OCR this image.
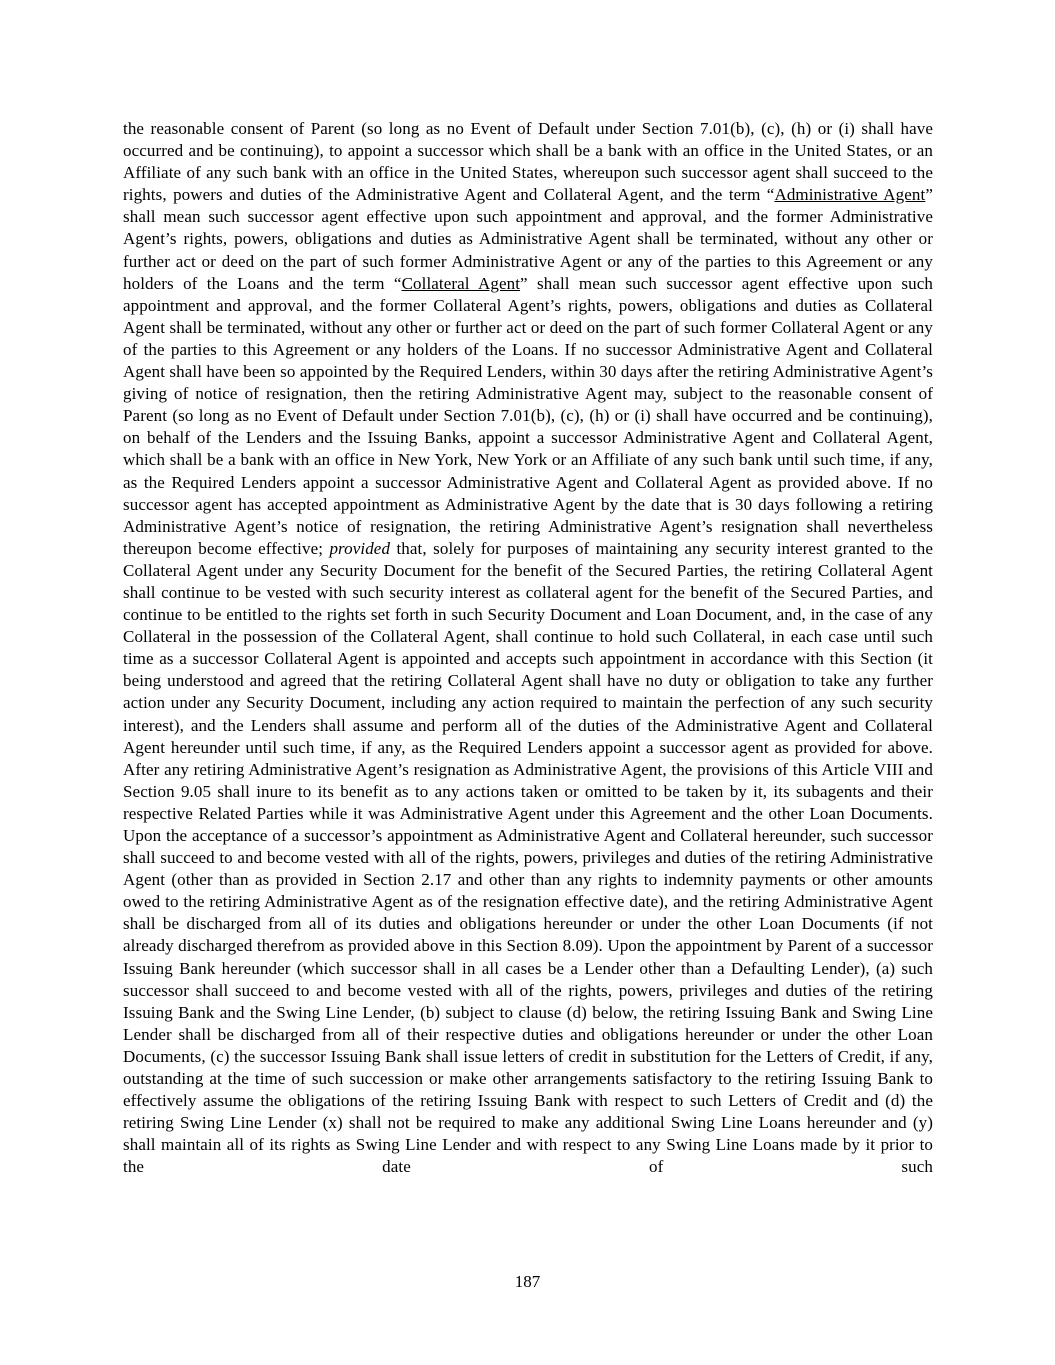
the reasonable consent of Parent (so long as no Event of Default under Section 7.01(b), (c), (h) or (i) shall have occurred and be continuing), to appoint a successor which shall be a bank with an office in the United States, or an Affiliate of any such bank with an office in the United States, whereupon such successor agent shall succeed to the rights, powers and duties of the Administrative Agent and Collateral Agent, and the term “Administrative Agent” shall mean such successor agent effective upon such appointment and approval, and the former Administrative Agent’s rights, powers, obligations and duties as Administrative Agent shall be terminated, without any other or further act or deed on the part of such former Administrative Agent or any of the parties to this Agreement or any holders of the Loans and the term “Collateral Agent” shall mean such successor agent effective upon such appointment and approval, and the former Collateral Agent’s rights, powers, obligations and duties as Collateral Agent shall be terminated, without any other or further act or deed on the part of such former Collateral Agent or any of the parties to this Agreement or any holders of the Loans. If no successor Administrative Agent and Collateral Agent shall have been so appointed by the Required Lenders, within 30 days after the retiring Administrative Agent’s giving of notice of resignation, then the retiring Administrative Agent may, subject to the reasonable consent of Parent (so long as no Event of Default under Section 7.01(b), (c), (h) or (i) shall have occurred and be continuing), on behalf of the Lenders and the Issuing Banks, appoint a successor Administrative Agent and Collateral Agent, which shall be a bank with an office in New York, New York or an Affiliate of any such bank until such time, if any, as the Required Lenders appoint a successor Administrative Agent and Collateral Agent as provided above. If no successor agent has accepted appointment as Administrative Agent by the date that is 30 days following a retiring Administrative Agent’s notice of resignation, the retiring Administrative Agent’s resignation shall nevertheless thereupon become effective; provided that, solely for purposes of maintaining any security interest granted to the Collateral Agent under any Security Document for the benefit of the Secured Parties, the retiring Collateral Agent shall continue to be vested with such security interest as collateral agent for the benefit of the Secured Parties, and continue to be entitled to the rights set forth in such Security Document and Loan Document, and, in the case of any Collateral in the possession of the Collateral Agent, shall continue to hold such Collateral, in each case until such time as a successor Collateral Agent is appointed and accepts such appointment in accordance with this Section (it being understood and agreed that the retiring Collateral Agent shall have no duty or obligation to take any further action under any Security Document, including any action required to maintain the perfection of any such security interest), and the Lenders shall assume and perform all of the duties of the Administrative Agent and Collateral Agent hereunder until such time, if any, as the Required Lenders appoint a successor agent as provided for above. After any retiring Administrative Agent’s resignation as Administrative Agent, the provisions of this Article VIII and Section 9.05 shall inure to its benefit as to any actions taken or omitted to be taken by it, its subagents and their respective Related Parties while it was Administrative Agent under this Agreement and the other Loan Documents. Upon the acceptance of a successor’s appointment as Administrative Agent and Collateral hereunder, such successor shall succeed to and become vested with all of the rights, powers, privileges and duties of the retiring Administrative Agent (other than as provided in Section 2.17 and other than any rights to indemnity payments or other amounts owed to the retiring Administrative Agent as of the resignation effective date), and the retiring Administrative Agent shall be discharged from all of its duties and obligations hereunder or under the other Loan Documents (if not already discharged therefrom as provided above in this Section 8.09). Upon the appointment by Parent of a successor Issuing Bank hereunder (which successor shall in all cases be a Lender other than a Defaulting Lender), (a) such successor shall succeed to and become vested with all of the rights, powers, privileges and duties of the retiring Issuing Bank and the Swing Line Lender, (b) subject to clause (d) below, the retiring Issuing Bank and Swing Line Lender shall be discharged from all of their respective duties and obligations hereunder or under the other Loan Documents, (c) the successor Issuing Bank shall issue letters of credit in substitution for the Letters of Credit, if any, outstanding at the time of such succession or make other arrangements satisfactory to the retiring Issuing Bank to effectively assume the obligations of the retiring Issuing Bank with respect to such Letters of Credit and (d) the retiring Swing Line Lender (x) shall not be required to make any additional Swing Line Loans hereunder and (y) shall maintain all of its rights as Swing Line Lender and with respect to any Swing Line Loans made by it prior to the date of such

187
